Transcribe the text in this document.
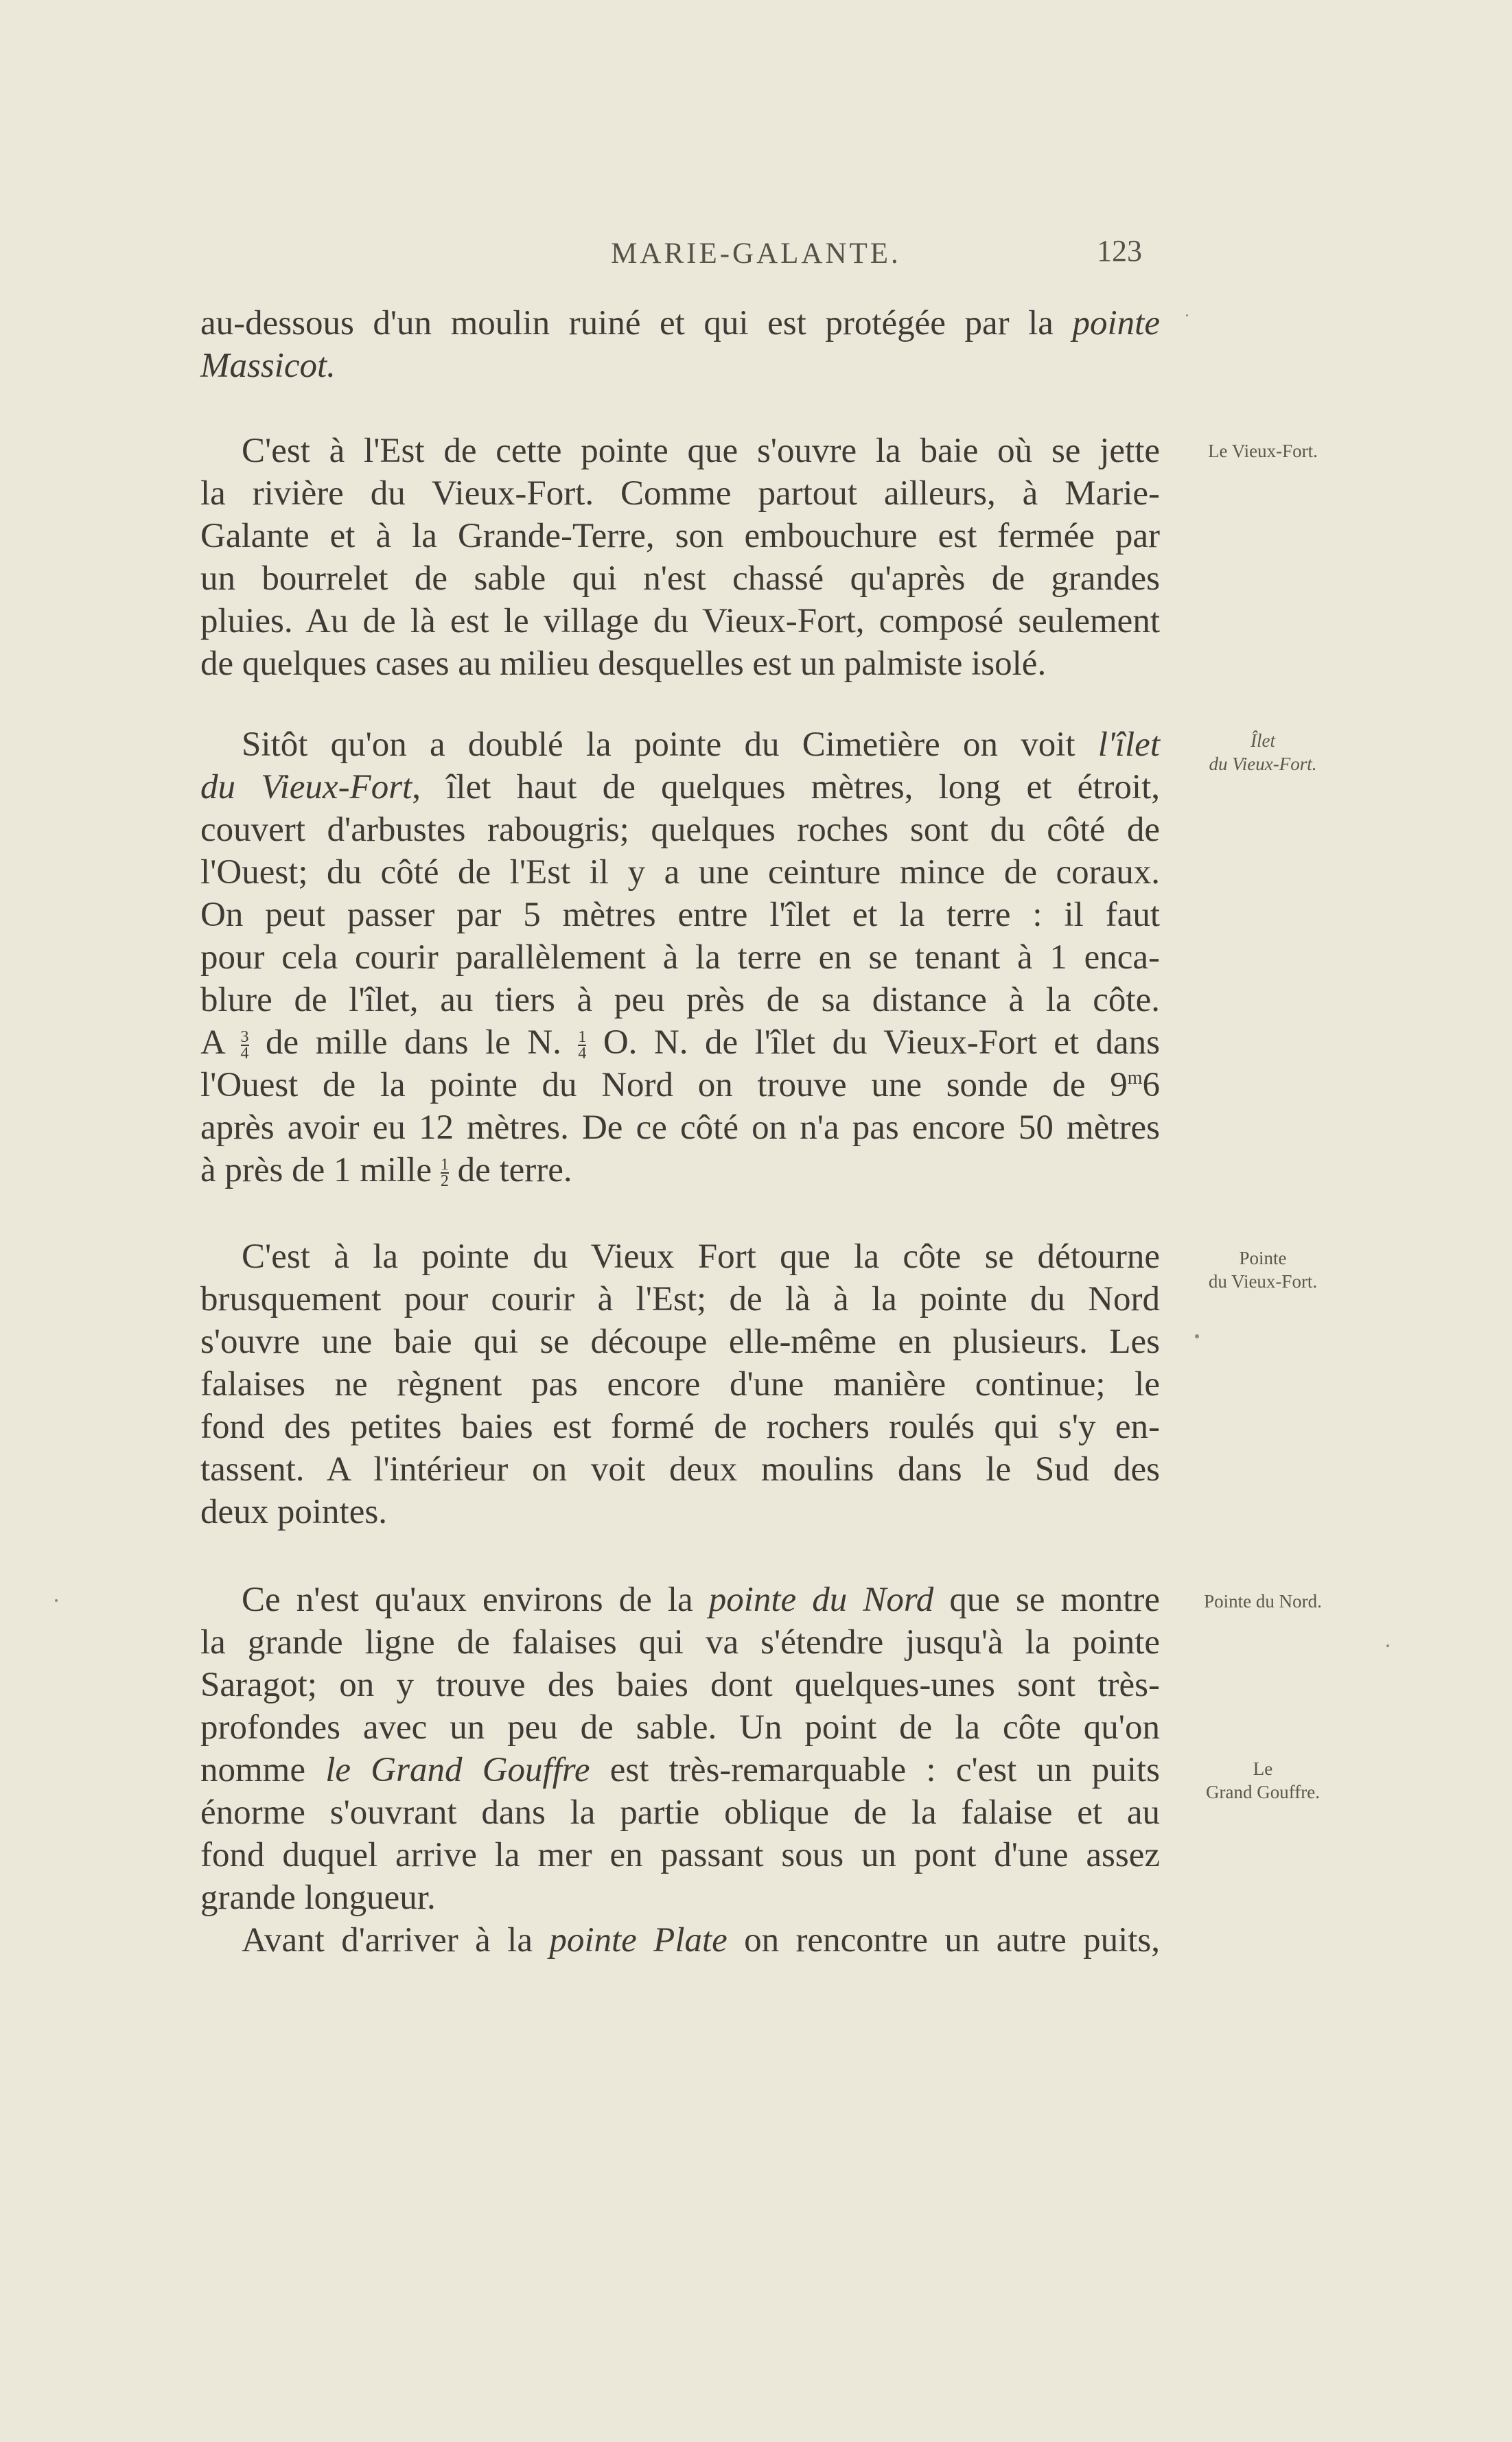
MARIE-GALANTE.	123
au-dessous d'un moulin ruiné et qui est protégée par la pointe
Massicot.
C'est à l'Est de cette pointe que s'ouvre la baie où se jette
la rivière du Vieux-Fort. Comme partout ailleurs, à Marie-
Galante et à la Grande-Terre, son embouchure est fermée par
un bourrelet de sable qui n'est chassé qu'après de grandes
pluies. Au de là est le village du Vieux-Fort, composé seulement
de quelques cases au milieu desquelles est un palmiste isolé.
Sitôt qu'on a doublé la pointe du Cimetière on voit l'îlet
du Vieux-Fort, îlet haut de quelques mètres, long et étroit,
couvert d'arbustes rabougris; quelques roches sont du côté de
l'Ouest; du côté de l'Est il y a une ceinture mince de coraux.
On peut passer par 5 mètres entre l'îlet et la terre : il faut
pour cela courir parallèlement à la terre en se tenant à 1 enca-
blure de l'îlet, au tiers à peu près de sa distance à la côte.
A $\frac{3}{4}$ de mille dans le N. $\frac{1}{4} O$. N. de l'îlet du Vieux-Fort et dans
l'Ouest de la pointe du Nord on trouve une sonde de 9$^m$6
après avoir eu 12 mètres. De ce côté on n'a pas encore 50 mètres
à près de 1 mille $\frac{1}{2}$ de terre.
C'est à la pointe du Vieux Fort que la côte se détourne
brusquement pour courir à l'Est; de là à la pointe du Nord
s'ouvre une baie qui se découpe elle-même en plusieurs. Les
falaises ne règnent pas encore d'une manière continue; le
fond des petites baies est formé de rochers roulés qui s'y en-
tassent. A l'intérieur on voit deux moulins dans le Sud des
deux pointes.
Ce n'est qu'aux environs de la pointe du Nord que se montre
la grande ligne de falaises qui va s'étendre jusqu'à la pointe
Saragot; on y trouve des baies dont quelques-unes sont très-
profondes avec un peu de sable. Un point de la côte qu'on
nomme le Grand Gouffre est très-remarquable : c'est un puits
énorme s'ouvrant dans la partie oblique de la falaise et au
fond duquel arrive la mer en passant sous un pont d'une assez
grande longueur.
Avant d'arriver à la pointe Plate on rencontre un autre puits,
Le Vieux-Fort.
Îlet
du Vieux-Fort.
Pointe
du Vieux-Fort.
Pointe du Nord.
Le
Grand Gouffre.
